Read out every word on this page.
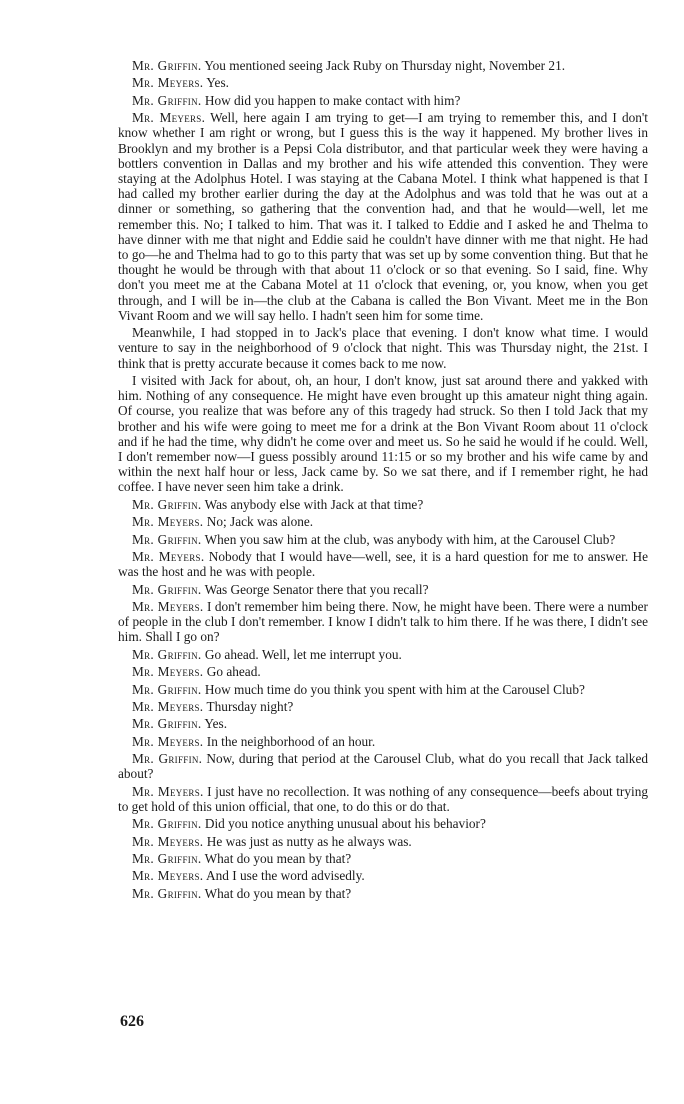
Mr. Griffin. You mentioned seeing Jack Ruby on Thursday night, November 21.

Mr. Meyers. Yes.

Mr. Griffin. How did you happen to make contact with him?

Mr. Meyers. Well, here again I am trying to get—I am trying to remember this, and I don't know whether I am right or wrong, but I guess this is the way it happened. My brother lives in Brooklyn and my brother is a Pepsi Cola distributor, and that particular week they were having a bottlers convention in Dallas and my brother and his wife attended this convention. They were staying at the Adolphus Hotel. I was staying at the Cabana Motel. I think what happened is that I had called my brother earlier during the day at the Adolphus and was told that he was out at a dinner or something, so gathering that the convention had, and that he would—well, let me remember this. No; I talked to him. That was it. I talked to Eddie and I asked he and Thelma to have dinner with me that night and Eddie said he couldn't have dinner with me that night. He had to go—he and Thelma had to go to this party that was set up by some convention thing. But that he thought he would be through with that about 11 o'clock or so that evening. So I said, fine. Why don't you meet me at the Cabana Motel at 11 o'clock that evening, or, you know, when you get through, and I will be in—the club at the Cabana is called the Bon Vivant. Meet me in the Bon Vivant Room and we will say hello. I hadn't seen him for some time.

Meanwhile, I had stopped in to Jack's place that evening. I don't know what time. I would venture to say in the neighborhood of 9 o'clock that night. This was Thursday night, the 21st. I think that is pretty accurate because it comes back to me now.

I visited with Jack for about, oh, an hour, I don't know, just sat around there and yakked with him. Nothing of any consequence. He might have even brought up this amateur night thing again. Of course, you realize that was before any of this tragedy had struck. So then I told Jack that my brother and his wife were going to meet me for a drink at the Bon Vivant Room about 11 o'clock and if he had the time, why didn't he come over and meet us. So he said he would if he could. Well, I don't remember now—I guess possibly around 11:15 or so my brother and his wife came by and within the next half hour or less, Jack came by. So we sat there, and if I remember right, he had coffee. I have never seen him take a drink.

Mr. Griffin. Was anybody else with Jack at that time?

Mr. Meyers. No; Jack was alone.

Mr. Griffin. When you saw him at the club, was anybody with him, at the Carousel Club?

Mr. Meyers. Nobody that I would have—well, see, it is a hard question for me to answer. He was the host and he was with people.

Mr. Griffin. Was George Senator there that you recall?

Mr. Meyers. I don't remember him being there. Now, he might have been. There were a number of people in the club I don't remember. I know I didn't talk to him there. If he was there, I didn't see him. Shall I go on?

Mr. Griffin. Go ahead. Well, let me interrupt you.

Mr. Meyers. Go ahead.

Mr. Griffin. How much time do you think you spent with him at the Carousel Club?

Mr. Meyers. Thursday night?

Mr. Griffin. Yes.

Mr. Meyers. In the neighborhood of an hour.

Mr. Griffin. Now, during that period at the Carousel Club, what do you recall that Jack talked about?

Mr. Meyers. I just have no recollection. It was nothing of any consequence—beefs about trying to get hold of this union official, that one, to do this or do that.

Mr. Griffin. Did you notice anything unusual about his behavior?

Mr. Meyers. He was just as nutty as he always was.

Mr. Griffin. What do you mean by that?

Mr. Meyers. And I use the word advisedly.

Mr. Griffin. What do you mean by that?

626
